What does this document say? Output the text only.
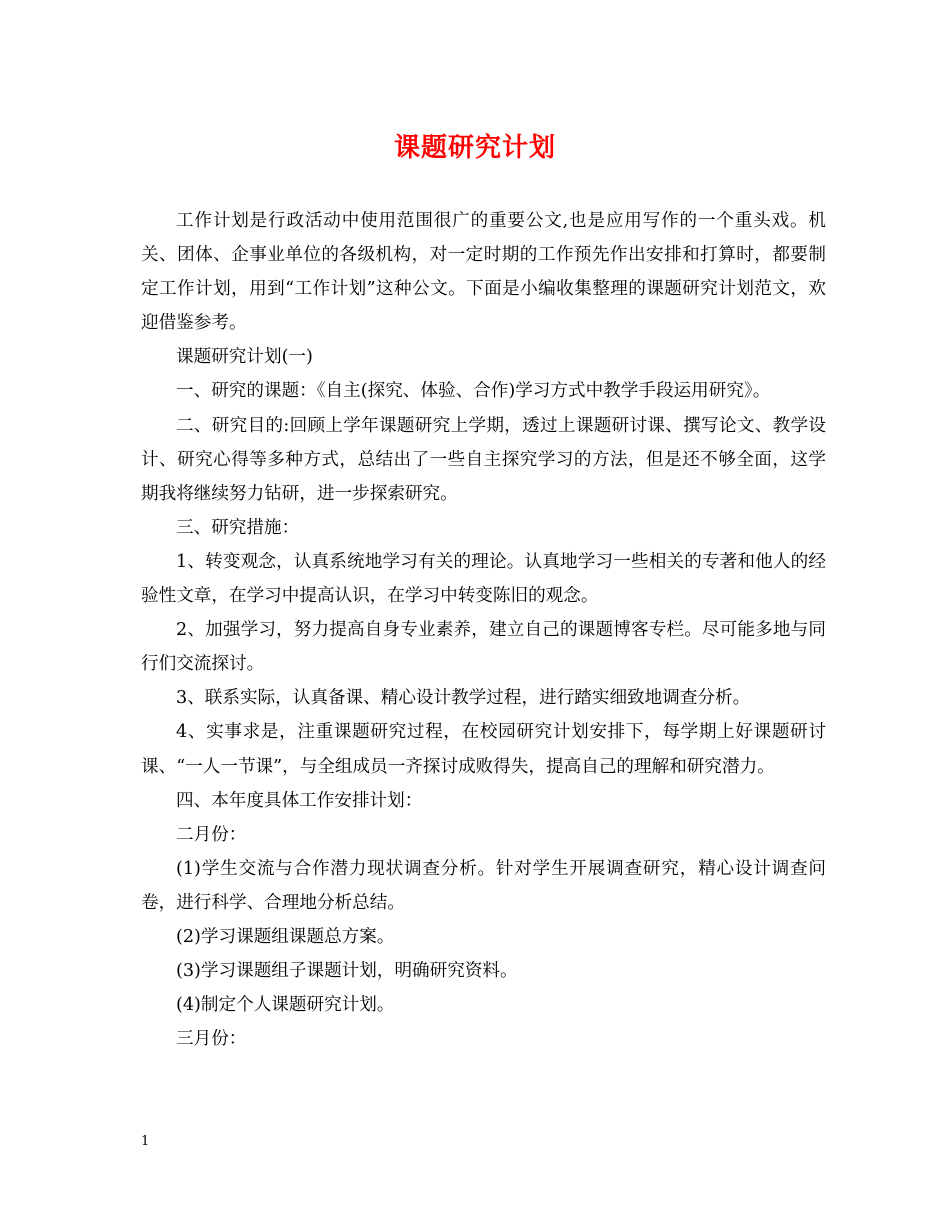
课题研究计划

工作计划是行政活动中使用范围很广的重要公文,也是应用写作的一个重头戏。机关、团体、企事业单位的各级机构，对一定时期的工作预先作出安排和打算时，都要制定工作计划，用到“工作计划”这种公文。下面是小编收集整理的课题研究计划范文，欢迎借鉴参考。

课题研究计划(一)

一、研究的课题：《自主(探究、体验、合作)学习方式中教学手段运用研究》。

二、研究目的:回顾上学年课题研究上学期，透过上课题研讨课、撰写论文、教学设计、研究心得等多种方式，总结出了一些自主探究学习的方法，但是还不够全面，这学期我将继续努力钻研，进一步探索研究。

三、研究措施：

1、转变观念，认真系统地学习有关的理论。认真地学习一些相关的专著和他人的经验性文章，在学习中提高认识，在学习中转变陈旧的观念。

2、加强学习，努力提高自身专业素养，建立自己的课题博客专栏。尽可能多地与同行们交流探讨。

3、联系实际，认真备课、精心设计教学过程，进行踏实细致地调查分析。

4、实事求是，注重课题研究过程，在校园研究计划安排下，每学期上好课题研讨课、“一人一节课”，与全组成员一齐探讨成败得失，提高自己的理解和研究潜力。

四、本年度具体工作安排计划：

二月份：

(1)学生交流与合作潜力现状调查分析。针对学生开展调查研究，精心设计调查问卷，进行科学、合理地分析总结。

(2)学习课题组课题总方案。

(3)学习课题组子课题计划，明确研究资料。

(4)制定个人课题研究计划。

三月份：

1
